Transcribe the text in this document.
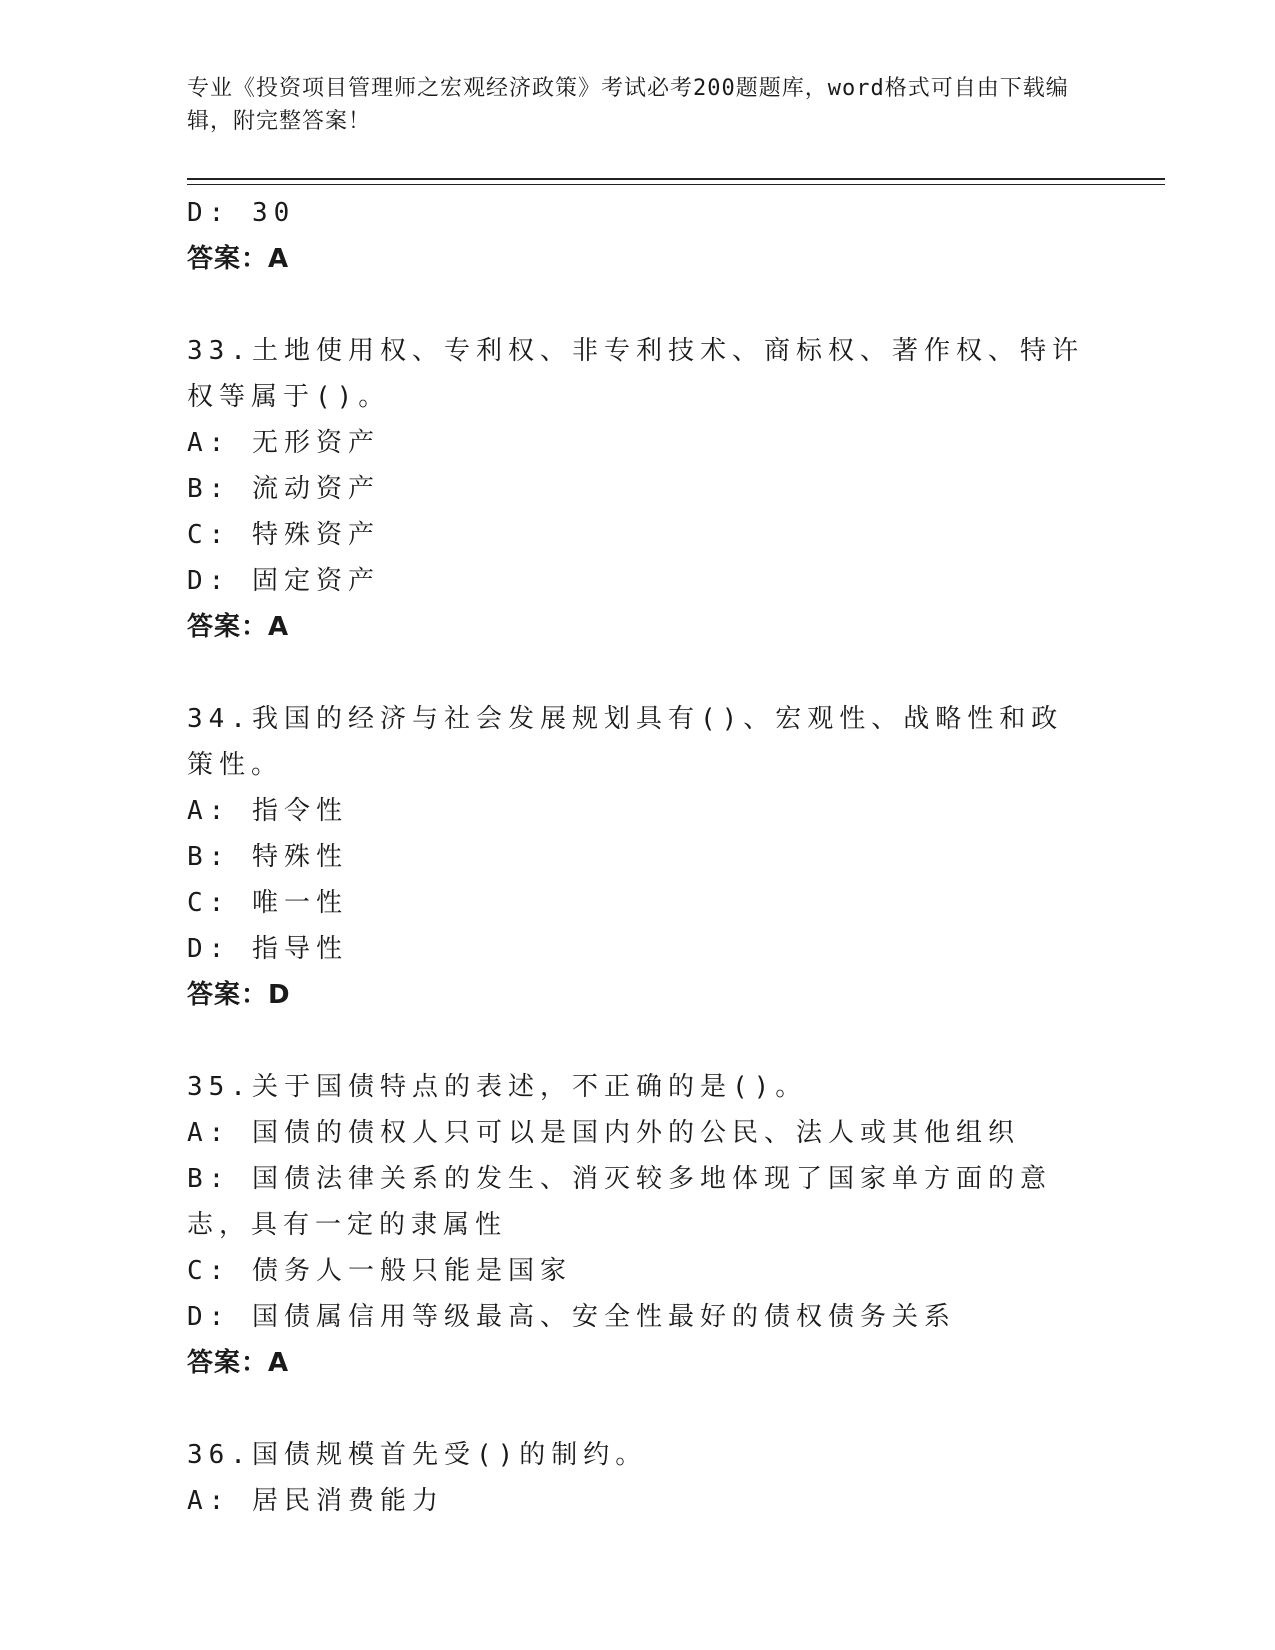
专业《投资项目管理师之宏观经济政策》考试必考200题题库，word格式可自由下载编辑，附完整答案！
D: 30
答案：A
33.土地使用权、专利权、非专利技术、商标权、著作权、特许权等属于()。
A: 无形资产
B: 流动资产
C: 特殊资产
D: 固定资产
答案：A
34.我国的经济与社会发展规划具有()、宏观性、战略性和政策性。
A: 指令性
B: 特殊性
C: 唯一性
D: 指导性
答案：D
35.关于国债特点的表述，不正确的是()。
A: 国债的债权人只可以是国内外的公民、法人或其他组织
B: 国债法律关系的发生、消灭较多地体现了国家单方面的意志，具有一定的隶属性
C: 债务人一般只能是国家
D: 国债属信用等级最高、安全性最好的债权债务关系
答案：A
36.国债规模首先受()的制约。
A: 居民消费能力
